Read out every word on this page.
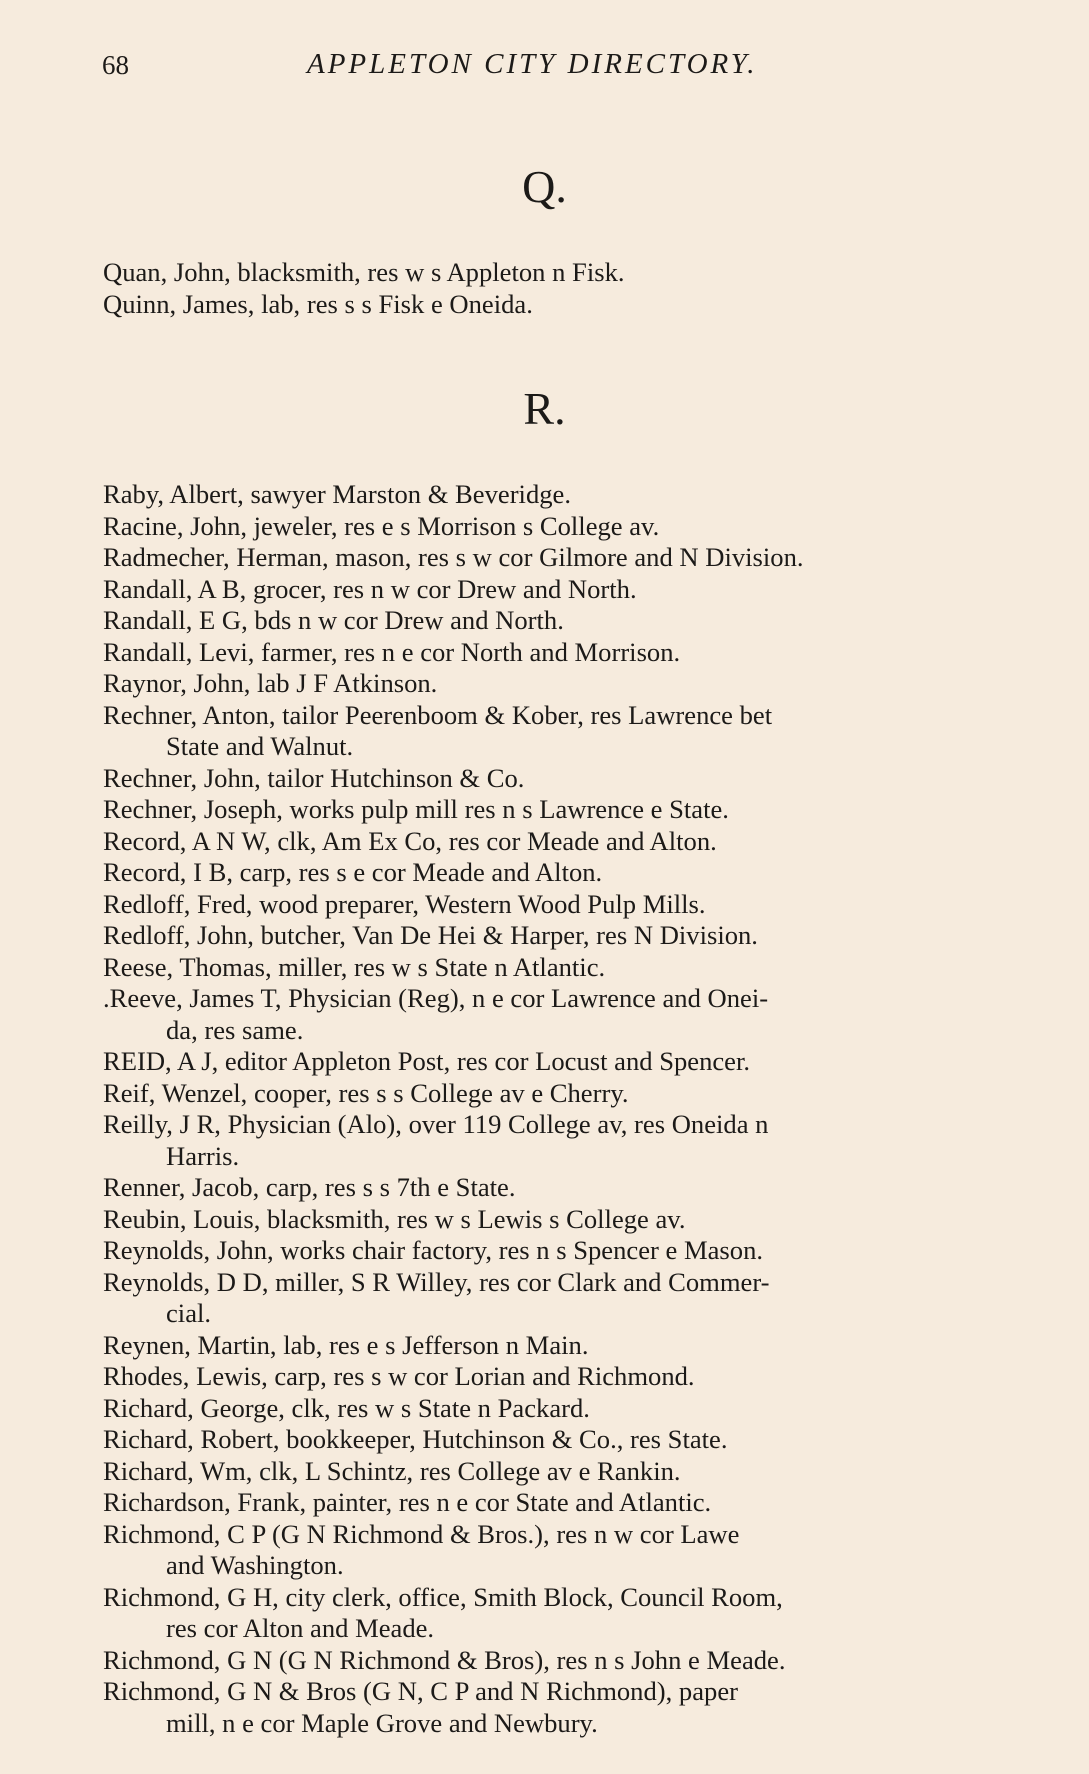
68	APPLETON CITY DIRECTORY.
Q.
Quan, John, blacksmith, res w s Appleton n Fisk.
Quinn, James, lab, res s s Fisk e Oneida.
R.
Raby, Albert, sawyer Marston & Beveridge.
Racine, John, jeweler, res e s Morrison s College av.
Radmecher, Herman, mason, res s w cor Gilmore and N Division.
Randall, A B, grocer, res n w cor Drew and North.
Randall, E G, bds n w cor Drew and North.
Randall, Levi, farmer, res n e cor North and Morrison.
Raynor, John, lab J F Atkinson.
Rechner, Anton, tailor Peerenboom & Kober, res Lawrence bet
State and Walnut.
Rechner, John, tailor Hutchinson & Co.
Rechner, Joseph, works pulp mill res n s Lawrence e State.
Record, A N W, clk, Am Ex Co, res cor Meade and Alton.
Record, I B, carp, res s e cor Meade and Alton.
Redloff, Fred, wood preparer, Western Wood Pulp Mills.
Redloff, John, butcher, Van De Hei & Harper, res N Division.
Reese, Thomas, miller, res w s State n Atlantic.
.Reeve, James T, Physician (Reg), n e cor Lawrence and Onei-
da, res same.
REID, A J, editor Appleton Post, res cor Locust and Spencer.
Reif, Wenzel, cooper, res s s College av e Cherry.
Reilly, J R, Physician (Alo), over 119 College av, res Oneida n
Harris.
Renner, Jacob, carp, res s s 7th e State.
Reubin, Louis, blacksmith, res w s Lewis s College av.
Reynolds, John, works chair factory, res n s Spencer e Mason.
Reynolds, D D, miller, S R Willey, res cor Clark and Commer-
cial.
Reynen, Martin, lab, res e s Jefferson n Main.
Rhodes, Lewis, carp, res s w cor Lorian and Richmond.
Richard, George, clk, res w s State n Packard.
Richard, Robert, bookkeeper, Hutchinson & Co., res State.
Richard, Wm, clk, L Schintz, res College av e Rankin.
Richardson, Frank, painter, res n e cor State and Atlantic.
Richmond, C P (G N Richmond & Bros.), res n w cor Lawe
and Washington.
Richmond, G H, city clerk, office, Smith Block, Council Room,
res cor Alton and Meade.
Richmond, G N (G N Richmond & Bros), res n s John e Meade.
Richmond, G N & Bros (G N, C P and N Richmond), paper
mill, n e cor Maple Grove and Newbury.
